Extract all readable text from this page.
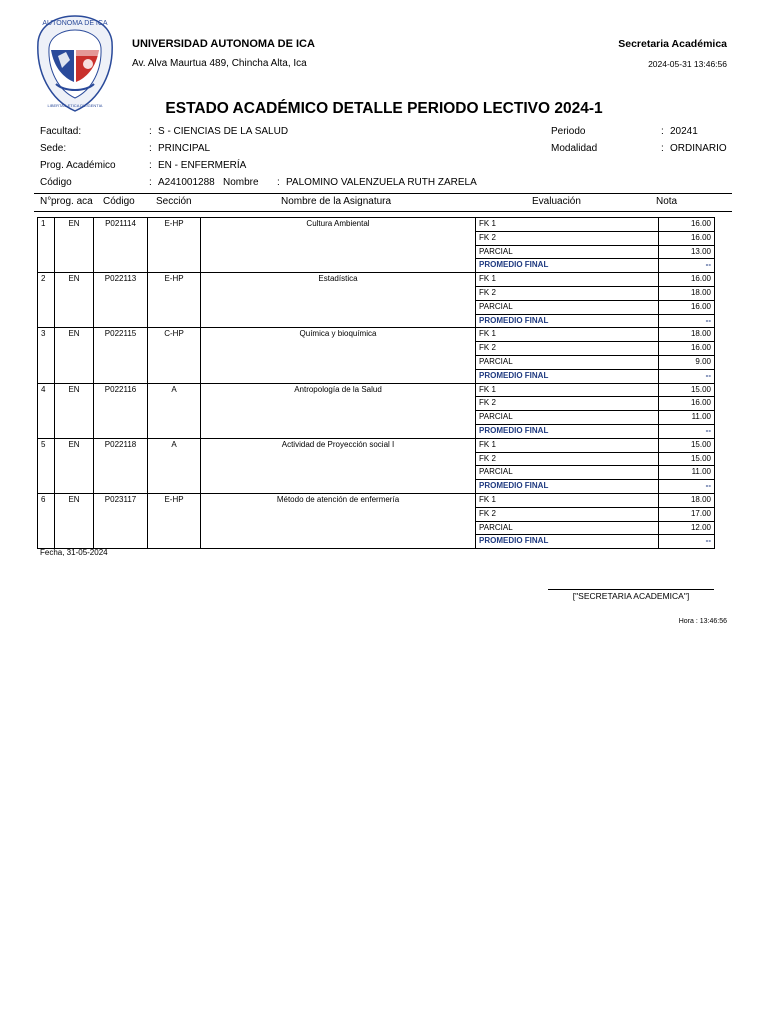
AUTONOMA DE ICA
LIBERTAS ETICA DILIGENTIA
UNIVERSIDAD AUTONOMA DE ICA
Av. Alva Maurtua 489, Chincha Alta, Ica
Secretaria Académica
2024-05-31 13:46:56
ESTADO ACADÉMICO DETALLE PERIODO LECTIVO 2024-1
Facultad:	: S - CIENCIAS DE LA SALUD
Sede:	: PRINCIPAL
Prog. Académico	: EN - ENFERMERÍA
Código	: A241001288 Nombre : PALOMINO VALENZUELA RUTH ZARELA
Periodo	: 20241
Modalidad	: ORDINARIO
N° prog. aca Código Sección	Nombre de la Asignatura	Evaluación	Nota
1	EN	P021114	E-HP	Cultura Ambiental	FK 1	16.00
					FK 2	16.00
					PARCIAL	13.00
					PROMEDIO FINAL	--
2	EN	P022113	E-HP	Estadística	FK 1	16.00
					FK 2	18.00
					PARCIAL	16.00
					PROMEDIO FINAL	--
3	EN	P022115	C-HP	Química y bioquímica	FK 1	18.00
					FK 2	16.00
					PARCIAL	9.00
					PROMEDIO FINAL	--
4	EN	P022116	A	Antropología de la Salud	FK 1	15.00
					FK 2	16.00
					PARCIAL	11.00
					PROMEDIO FINAL	--
5	EN	P022118	A	Actividad de Proyección social I	FK 1	15.00
					FK 2	15.00
					PARCIAL	11.00
					PROMEDIO FINAL	--
6	EN	P023117	E-HP	Método de atención de enfermería	FK 1	18.00
					FK 2	17.00
					PARCIAL	12.00
					PROMEDIO FINAL	--
Fecha, 31-05-2024
["SECRETARIA ACADEMICA"]
Hora : 13:46:56
